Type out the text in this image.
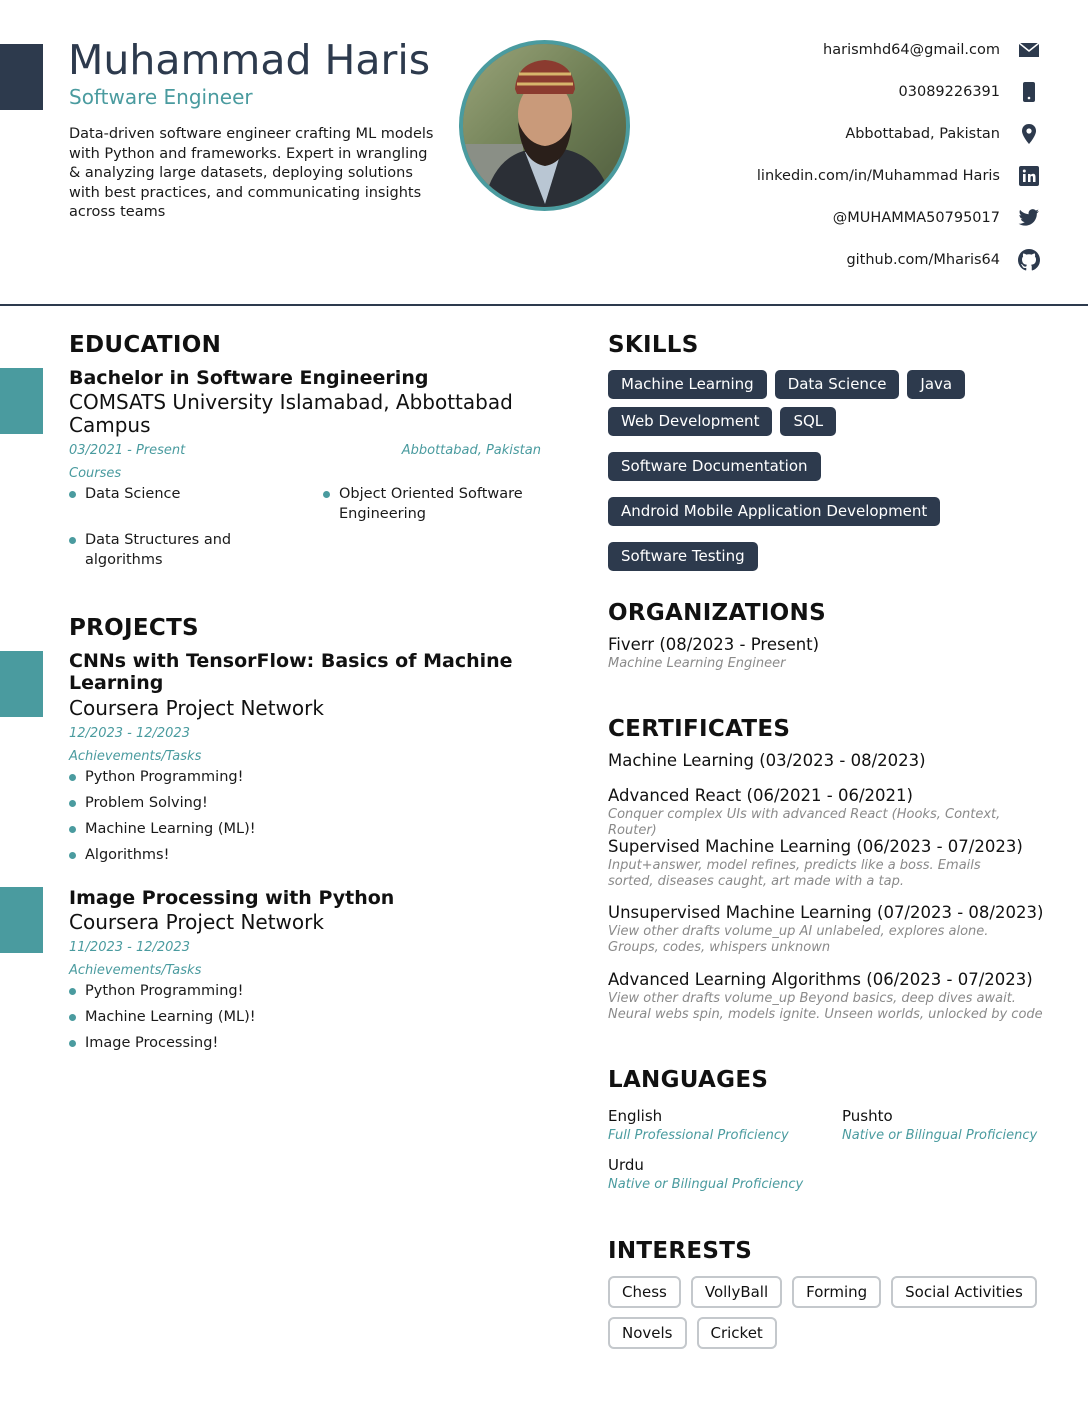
Muhammad Haris
Software Engineer
Data-driven software engineer crafting ML models with Python and frameworks. Expert in wrangling & analyzing large datasets, deploying solutions with best practices, and communicating insights across teams
harismhd64@gmail.com
03089226391
Abbottabad, Pakistan
linkedin.com/in/Muhammad Haris
@MUHAMMA50795017
github.com/Mharis64
EDUCATION
Bachelor in Software Engineering
COMSATS University Islamabad, Abbottabad Campus
03/2021 - Present	Abbottabad, Pakistan
Courses
Data Science	Object Oriented Software Engineering
Data Structures and algorithms
PROJECTS
CNNs with TensorFlow: Basics of Machine Learning
Coursera Project Network
12/2023 - 12/2023
Achievements/Tasks
Python Programming!
Problem Solving!
Machine Learning (ML)!
Algorithms!
Image Processing with Python
Coursera Project Network
11/2023 - 12/2023
Achievements/Tasks
Python Programming!
Machine Learning (ML)!
Image Processing!
SKILLS
Machine Learning	Data Science	Java
Web Development	SQL
Software Documentation
Android Mobile Application Development
Software Testing
ORGANIZATIONS
Fiverr (08/2023 - Present)
Machine Learning Engineer
CERTIFICATES
Machine Learning (03/2023 - 08/2023)
Advanced React (06/2021 - 06/2021)
Conquer complex UIs with advanced React (Hooks, Context, Router)
Supervised Machine Learning (06/2023 - 07/2023)
Input+answer, model refines, predicts like a boss. Emails sorted, diseases caught, art made with a tap.
Unsupervised Machine Learning (07/2023 - 08/2023)
View other drafts volume_up AI unlabeled, explores alone. Groups, codes, whispers unknown
Advanced Learning Algorithms (06/2023 - 07/2023)
View other drafts volume_up Beyond basics, deep dives await. Neural webs spin, models ignite. Unseen worlds, unlocked by code
LANGUAGES
English
Full Professional Proficiency
Pushto
Native or Bilingual Proficiency
Urdu
Native or Bilingual Proficiency
INTERESTS
Chess	VollyBall	Forming	Social Activities
Novels	Cricket
